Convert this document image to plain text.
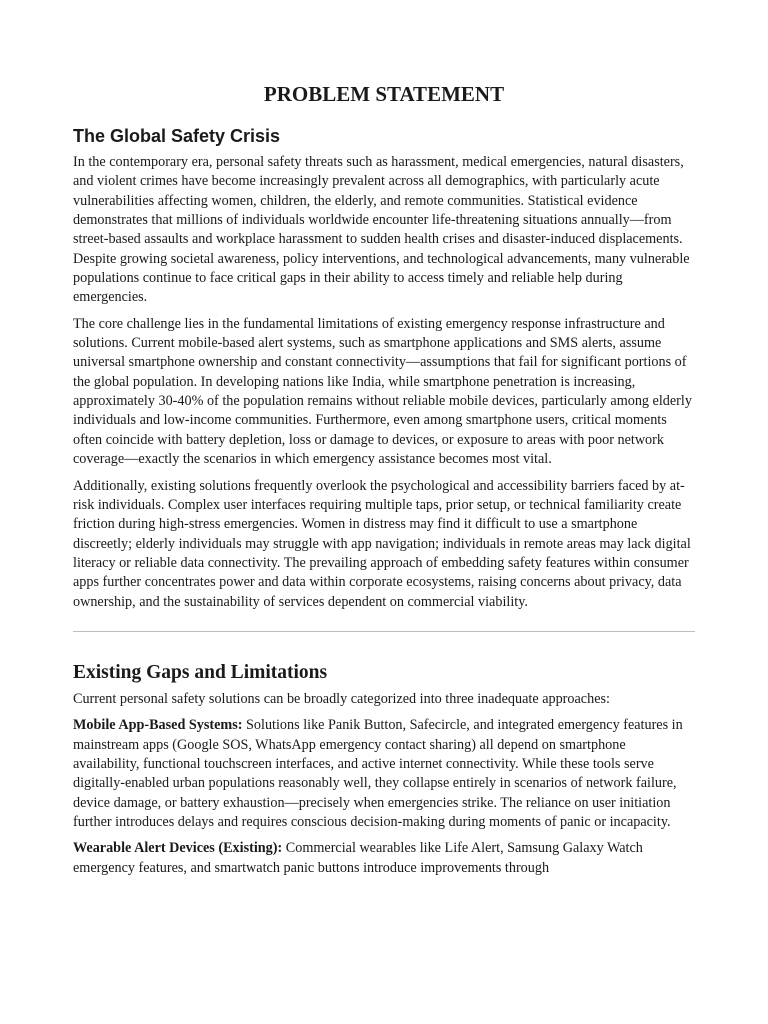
PROBLEM STATEMENT
The Global Safety Crisis

In the contemporary era, personal safety threats such as harassment, medical emergencies, natural disasters, and violent crimes have become increasingly prevalent across all demographics, with particularly acute vulnerabilities affecting women, children, the elderly, and remote communities. Statistical evidence demonstrates that millions of individuals worldwide encounter life-threatening situations annually—from street-based assaults and workplace harassment to sudden health crises and disaster-induced displacements. Despite growing societal awareness, policy interventions, and technological advancements, many vulnerable populations continue to face critical gaps in their ability to access timely and reliable help during emergencies.

The core challenge lies in the fundamental limitations of existing emergency response infrastructure and solutions. Current mobile-based alert systems, such as smartphone applications and SMS alerts, assume universal smartphone ownership and constant connectivity—assumptions that fail for significant portions of the global population. In developing nations like India, while smartphone penetration is increasing, approximately 30-40% of the population remains without reliable mobile devices, particularly among elderly individuals and low-income communities. Furthermore, even among smartphone users, critical moments often coincide with battery depletion, loss or damage to devices, or exposure to areas with poor network coverage—exactly the scenarios in which emergency assistance becomes most vital.

Additionally, existing solutions frequently overlook the psychological and accessibility barriers faced by at-risk individuals. Complex user interfaces requiring multiple taps, prior setup, or technical familiarity create friction during high-stress emergencies. Women in distress may find it difficult to use a smartphone discreetly; elderly individuals may struggle with app navigation; individuals in remote areas may lack digital literacy or reliable data connectivity. The prevailing approach of embedding safety features within consumer apps further concentrates power and data within corporate ecosystems, raising concerns about privacy, data ownership, and the sustainability of services dependent on commercial viability.

Existing Gaps and Limitations

Current personal safety solutions can be broadly categorized into three inadequate approaches:

Mobile App-Based Systems: Solutions like Panik Button, Safecircle, and integrated emergency features in mainstream apps (Google SOS, WhatsApp emergency contact sharing) all depend on smartphone availability, functional touchscreen interfaces, and active internet connectivity. While these tools serve digitally-enabled urban populations reasonably well, they collapse entirely in scenarios of network failure, device damage, or battery exhaustion—precisely when emergencies strike. The reliance on user initiation further introduces delays and requires conscious decision-making during moments of panic or incapacity.

Wearable Alert Devices (Existing): Commercial wearables like Life Alert, Samsung Galaxy Watch emergency features, and smartwatch panic buttons introduce improvements through
